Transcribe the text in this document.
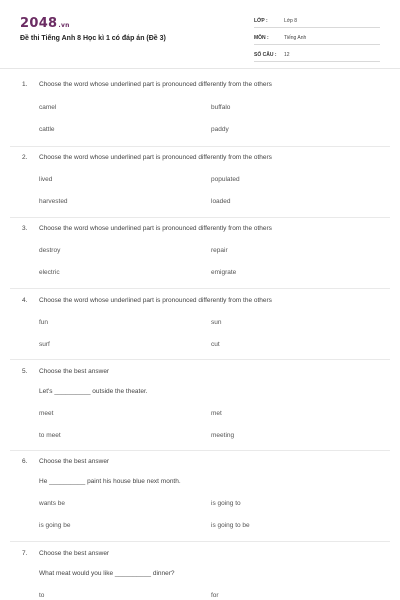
2048.vn
Đề thi Tiếng Anh 8 Học kì 1 có đáp án (Đề 3)
LỚP :	Lớp 8
MÔN :	Tiếng Anh
SỐ CÂU :	12
1. Choose the word whose underlined part is pronounced differently from the others
camel	buffalo
cattle	paddy
2. Choose the word whose underlined part is pronounced differently from the others
lived	populated
harvested	loaded
3. Choose the word whose underlined part is pronounced differently from the others
destroy	repair
electric	emigrate
4. Choose the word whose underlined part is pronounced differently from the others
fun	sun
surf	cut
5. Choose the best answer
Let's __________ outside the theater.
meet	met
to meet	meeting
6. Choose the best answer
He __________ paint his house blue next month.
wants be	is going to
is going be	is going to be
7. Choose the best answer
What meat would you like __________ dinner?
to	for
